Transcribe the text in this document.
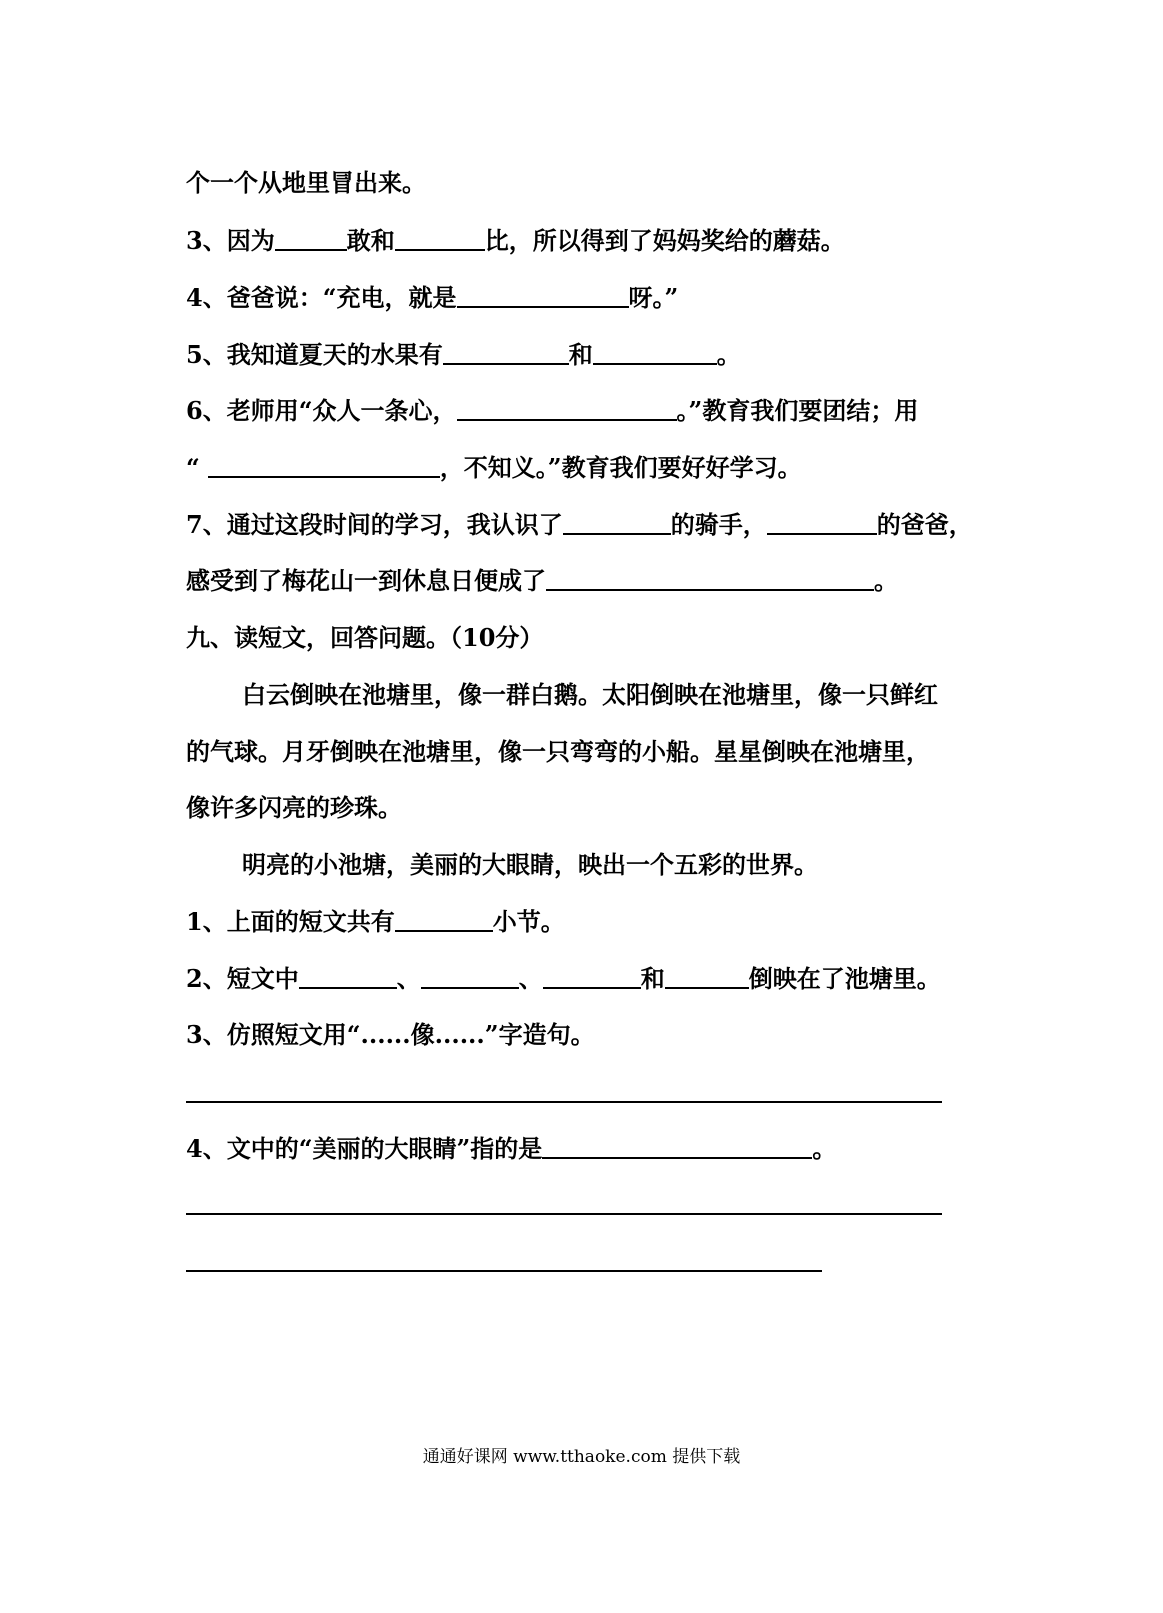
个一个从地里冒出来。
3、因为	敢和	比，所以得到了妈妈奖给的蘑菇。
4、爸爸说：“充电，就是	呀。”
5、我知道夏天的水果有	和	。
6、老师用“众人一条心，	。”教育我们要团结；用
“	，不知义。”教育我们要好好学习。
7、通过这段时间的学习，我认识了	的骑手，	的爸爸，
感受到了梅花山一到休息日便成了	。
九、读短文，回答问题。（10分）
白云倒映在池塘里，像一群白鹅。太阳倒映在池塘里，像一只鲜红
的气球。月牙倒映在池塘里，像一只弯弯的小船。星星倒映在池塘里，
像许多闪亮的珍珠。
明亮的小池塘，美丽的大眼睛，映出一个五彩的世界。
1、上面的短文共有	小节。
2、短文中	、	、	和	倒映在了池塘里。
3、仿照短文用“......像......”字造句。
4、文中的“美丽的大眼睛”指的是	。
通通好课网 www.tthaoke.com 提供下载
